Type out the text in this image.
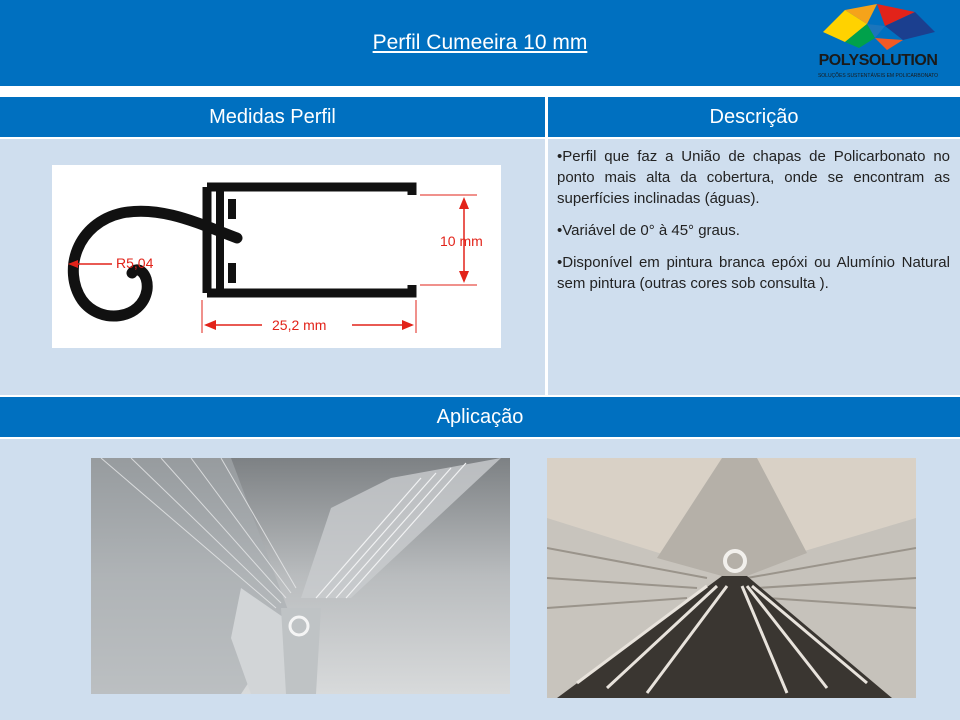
Perfil Cumeeira 10 mm
POLYSOLUTION
SOLUÇÕES SUSTENTÁVEIS EM POLICARBONATO
Medidas Perfil	Descrição
R5,04
10 mm
25,2 mm

•Perfil que faz a União de chapas de Policarbonato no ponto mais alta da cobertura, onde se encontram as superfícies inclinadas (águas).

•Variável de 0° à 45° graus.

•Disponível em pintura branca epóxi ou Alumínio Natural sem pintura (outras cores sob consulta ).

Aplicação
